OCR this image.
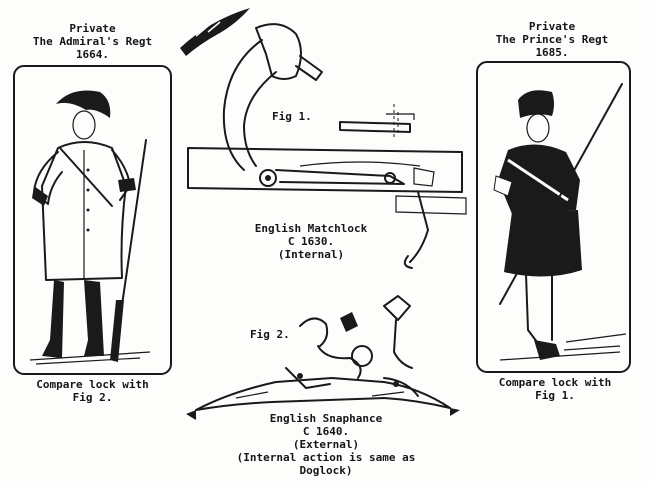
Private
The Admiral's Regt
1664.
Compare lock with
Fig 2.
Private
The Prince's Regt
1685.
Compare lock with
Fig 1.
Fig 1.
English Matchlock
C 1630.
(Internal)
Fig 2.
English Snaphance
C 1640.
(External)
(Internal action is same as
Doglock)
